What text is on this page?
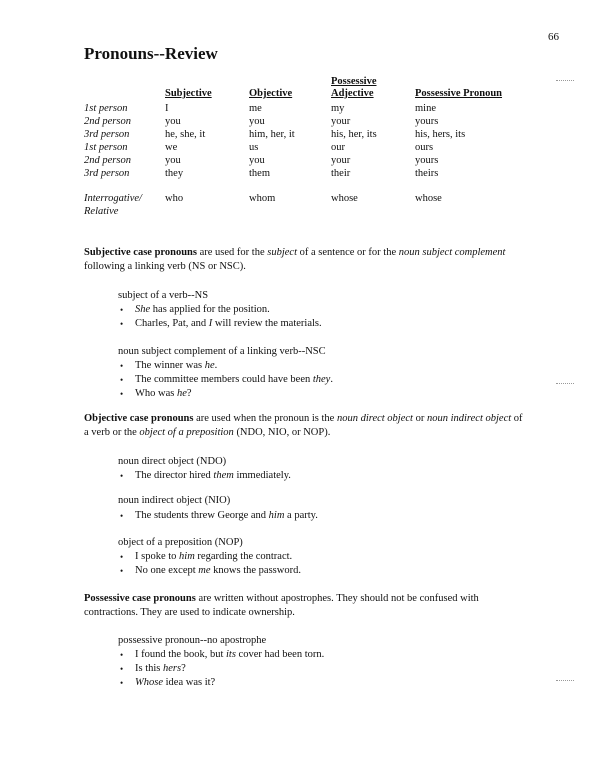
66
Pronouns--Review
	Subjective	Objective	Possessive Adjective	Possessive Pronoun
1st person	I	me	my	mine
2nd person	you	you	your	yours
3rd person	he, she, it	him, her, it	his, her, its	his, hers, its
1st person	we	us	our	ours
2nd person	you	you	your	yours
3rd person	they	them	their	theirs
Interrogative/ Relative	who	whom	whose	whose

Subjective case pronouns are used for the subject of a sentence or for the noun subject complement following a linking verb (NS or NSC).

subject of a verb--NS
• She has applied for the position.
• Charles, Pat, and I will review the materials.
noun subject complement of a linking verb--NSC
• The winner was he.
• The committee members could have been they.
• Who was he?

Objective case pronouns are used when the pronoun is the noun direct object or noun indirect object of a verb or the object of a preposition (NDO, NIO, or NOP).

noun direct object (NDO)
• The director hired them immediately.
noun indirect object (NIO)
• The students threw George and him a party.
object of a preposition (NOP)
• I spoke to him regarding the contract.
• No one except me knows the password.

Possessive case pronouns are written without apostrophes. They should not be confused with contractions. They are used to indicate ownership.

possessive pronoun--no apostrophe
• I found the book, but its cover had been torn.
• Is this hers?
• Whose idea was it?
